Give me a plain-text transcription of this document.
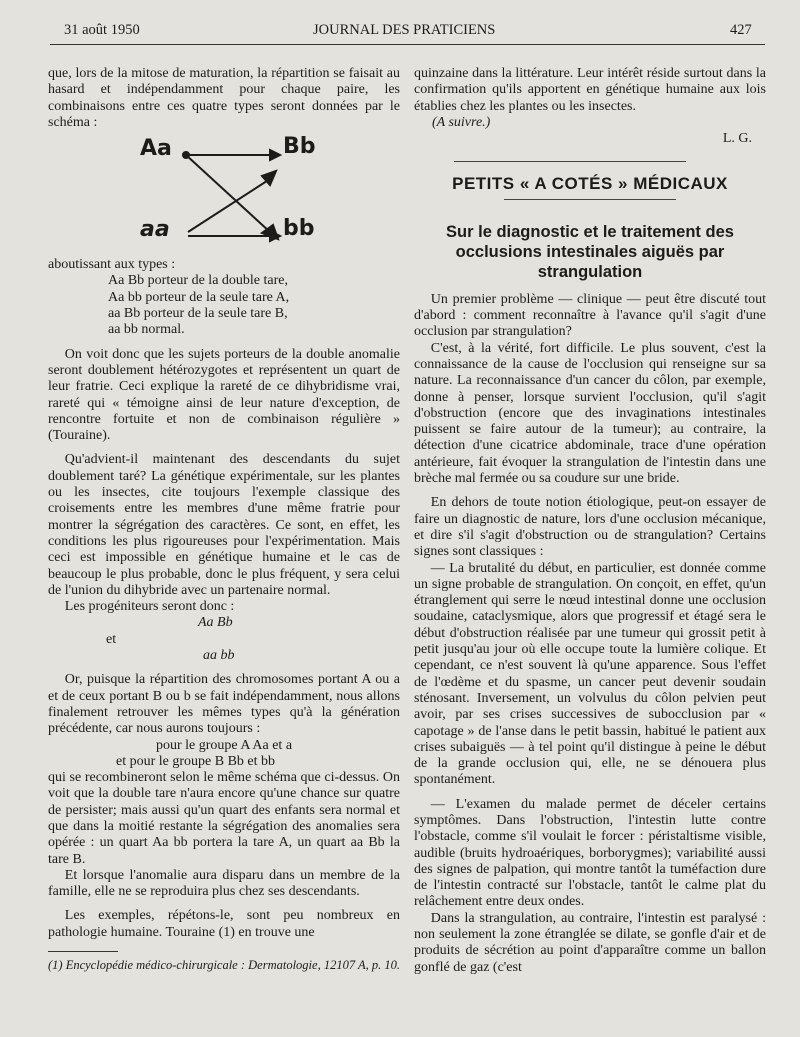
31 août 1950	JOURNAL DES PRATICIENS	427

que, lors de la mitose de maturation, la répartition se faisait au hasard et indépendamment pour chaque paire, les combinaisons entre ces quatre types seront données par le schéma :

Aa	Bb
aa	bb

aboutissant aux types :

Aa Bb porteur de la double tare,
Aa bb porteur de la seule tare A,
aa Bb porteur de la seule tare B,
aa bb normal.

On voit donc que les sujets porteurs de la double anomalie seront doublement hétérozygotes et représentent un quart de leur fratrie. Ceci explique la rareté de ce dihybridisme vrai, rareté qui « témoigne ainsi de leur nature d'exception, de rencontre fortuite et non de combinaison régulière » (Touraine).

Qu'advient-il maintenant des descendants du sujet doublement taré? La génétique expérimentale, sur les plantes ou les insectes, cite toujours l'exemple classique des croisements entre les membres d'une même fratrie pour montrer la ségrégation des caractères. Ce sont, en effet, les conditions les plus rigoureuses pour l'expérimentation. Mais ceci est impossible en génétique humaine et le cas de beaucoup le plus probable, donc le plus fréquent, y sera celui de l'union du dihybride avec un partenaire normal.

Les progéniteurs seront donc :

Aa Bb

et

aa bb

Or, puisque la répartition des chromosomes portant A ou a et de ceux portant B ou b se fait indépendamment, nous allons finalement retrouver les mêmes types qu'à la génération précédente, car nous aurons toujours :

pour le groupe A Aa et a

et pour le groupe B Bb et bb

qui se recombineront selon le même schéma que ci-dessus. On voit que la double tare n'aura encore qu'une chance sur quatre de persister; mais aussi qu'un quart des enfants sera normal et que dans la moitié restante la ségrégation des anomalies sera opérée : un quart Aa bb portera la tare A, un quart aa Bb la tare B.

Et lorsque l'anomalie aura disparu dans un membre de la famille, elle ne se reproduira plus chez ses descendants.

Les exemples, répétons-le, sont peu nombreux en pathologie humaine. Touraine (1) en trouve une

(1) Encyclopédie médico-chirurgicale : Dermatologie, 12107 A, p. 10.

quinzaine dans la littérature. Leur intérêt réside surtout dans la confirmation qu'ils apportent en génétique humaine aux lois établies chez les plantes ou les insectes.

(A suivre.)

L. G.

PETITS « A COTÉS » MÉDICAUX
Sur le diagnostic et le traitement des occlusions intestinales aiguës par strangulation

Un premier problème — clinique — peut être discuté tout d'abord : comment reconnaître à l'avance qu'il s'agit d'une occlusion par strangulation?

C'est, à la vérité, fort difficile. Le plus souvent, c'est la connaissance de la cause de l'occlusion qui renseigne sur sa nature. La reconnaissance d'un cancer du côlon, par exemple, donne à penser, lorsque survient l'occlusion, qu'il s'agit d'obstruction (encore que des invaginations intestinales puissent se faire autour de la tumeur); au contraire, la détection d'une cicatrice abdominale, trace d'une opération antérieure, fait évoquer la strangulation de l'intestin dans une brèche mal fermée ou sa coudure sur une bride.

En dehors de toute notion étiologique, peut-on essayer de faire un diagnostic de nature, lors d'une occlusion mécanique, et dire s'il s'agit d'obstruction ou de strangulation? Certains signes sont classiques :

— La brutalité du début, en particulier, est donnée comme un signe probable de strangulation. On conçoit, en effet, qu'un étranglement qui serre le nœud intestinal donne une occlusion soudaine, cataclysmique, alors que progressif et étagé sera le début d'obstruction réalisée par une tumeur qui grossit petit à petit jusqu'au jour où elle occupe toute la lumière colique. Et cependant, ce n'est souvent là qu'une apparence. Sous l'effet de l'œdème et du spasme, un cancer peut devenir soudain sténosant. Inversement, un volvulus du côlon pelvien peut avoir, par ses crises successives de subocclusion par « capotage » de l'anse dans le petit bassin, habitué le patient aux crises subaiguës — à tel point qu'il distingue à peine le début de la grande occlusion qui, elle, ne se dénouera plus spontanément.

— L'examen du malade permet de déceler certains symptômes. Dans l'obstruction, l'intestin lutte contre l'obstacle, comme s'il voulait le forcer : péristaltisme visible, audible (bruits hydroaériques, borborygmes); variabilité aussi des signes de palpation, qui montre tantôt la tuméfaction dure de l'intestin contracté sur l'obstacle, tantôt le calme plat du relâchement entre deux ondes.

Dans la strangulation, au contraire, l'intestin est paralysé : non seulement la zone étranglée se dilate, se gonfle d'air et de produits de sécrétion au point d'apparaître comme un ballon gonflé de gaz (c'est
